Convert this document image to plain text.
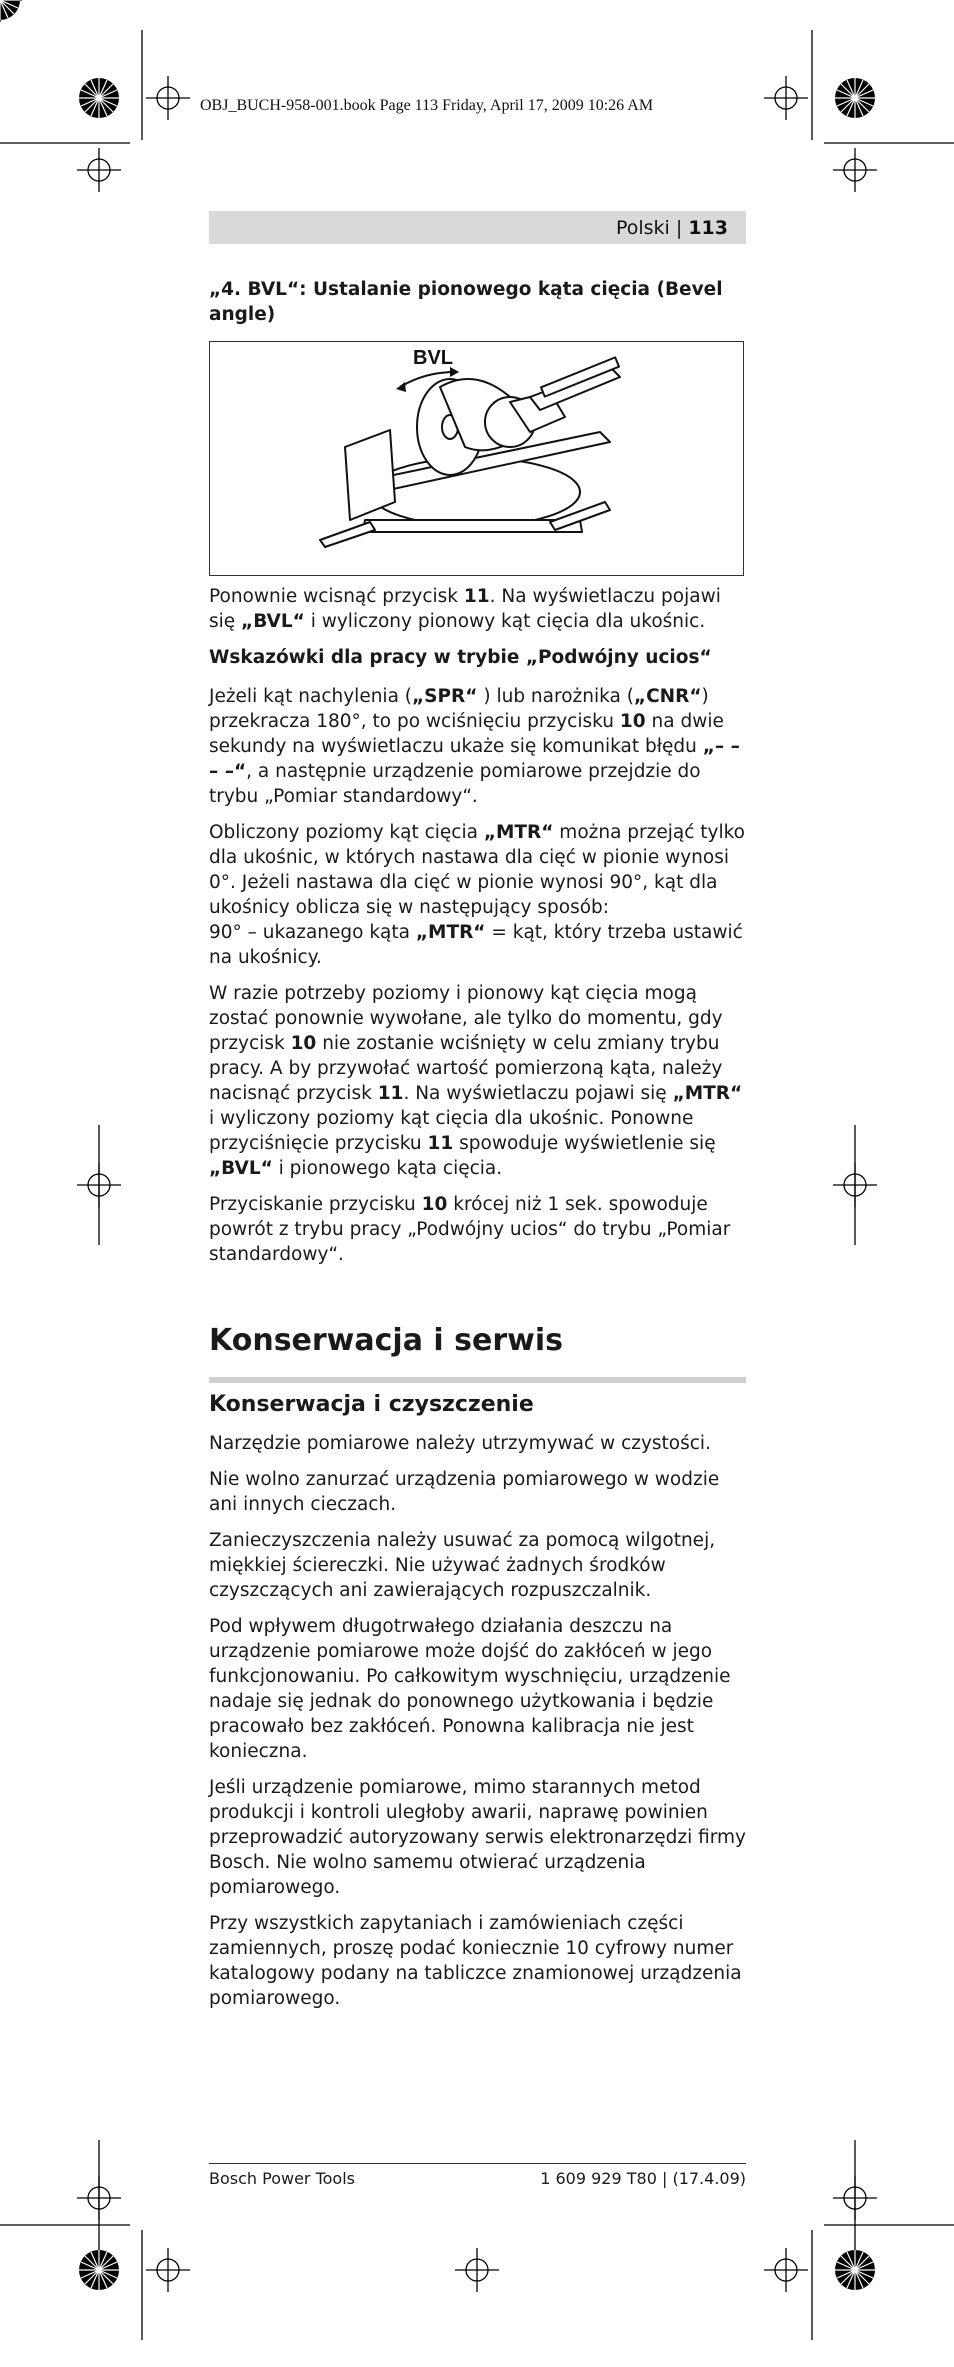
OBJ_BUCH-958-001.book Page 113 Friday, April 17, 2009 10:26 AM
Polski | 113

„4. BVL“: Ustalanie pionowego kąta cięcia (Bevel angle)

BVL

Ponownie wcisnąć przycisk 11. Na wyświetlaczu pojawi się „BVL“ i wyliczony pionowy kąt cięcia dla ukośnic.

Wskazówki dla pracy w trybie „Podwójny ucios“

Jeżeli kąt nachylenia („SPR“ ) lub narożnika („CNR“) przekracza 180°, to po wciśnięciu przycisku 10 na dwie sekundy na wyświetlaczu ukaże się komunikat błędu „– – – –“, a następnie urządzenie pomiarowe przejdzie do trybu „Pomiar standardowy“.

Obliczony poziomy kąt cięcia „MTR“ można przejąć tylko dla ukośnic, w których nastawa dla cięć w pionie wynosi 0°. Jeżeli nastawa dla cięć w pionie wynosi 90°, kąt dla ukośnicy oblicza się w następujący sposób:
90° – ukazanego kąta „MTR“ = kąt, który trzeba ustawić na ukośnicy.

W razie potrzeby poziomy i pionowy kąt cięcia mogą zostać ponownie wywołane, ale tylko do momentu, gdy przycisk 10 nie zostanie wciśnięty w celu zmiany trybu pracy. A by przywołać wartość pomierzoną kąta, należy nacisnąć przycisk 11. Na wyświetlaczu pojawi się „MTR“ i wyliczony poziomy kąt cięcia dla ukośnic. Ponowne przyciśnięcie przycisku 11 spowoduje wyświetlenie się „BVL“ i pionowego kąta cięcia.

Przyciskanie przycisku 10 krócej niż 1 sek. spowoduje powrót z trybu pracy „Podwójny ucios“ do trybu „Pomiar standardowy“.

Konserwacja i serwis
Konserwacja i czyszczenie

Narzędzie pomiarowe należy utrzymywać w czystości.

Nie wolno zanurzać urządzenia pomiarowego w wodzie ani innych cieczach.

Zanieczyszczenia należy usuwać za pomocą wilgotnej, miękkiej ściereczki. Nie używać żadnych środków czyszczących ani zawierających rozpuszczalnik.

Pod wpływem długotrwałego działania deszczu na urządzenie pomiarowe może dojść do zakłóceń w jego funkcjonowaniu. Po całkowitym wyschnięciu, urządzenie nadaje się jednak do ponownego użytkowania i będzie pracowało bez zakłóceń. Ponowna kalibracja nie jest konieczna.

Jeśli urządzenie pomiarowe, mimo starannych metod produkcji i kontroli uległoby awarii, naprawę powinien przeprowadzić autoryzowany serwis elektronarzędzi firmy Bosch. Nie wolno samemu otwierać urządzenia pomiarowego.

Przy wszystkich zapytaniach i zamówieniach części zamiennych, proszę podać koniecznie 10 cyfrowy numer katalogowy podany na tabliczce znamionowej urządzenia pomiarowego.

Bosch Power Tools	1 609 929 T80 | (17.4.09)
